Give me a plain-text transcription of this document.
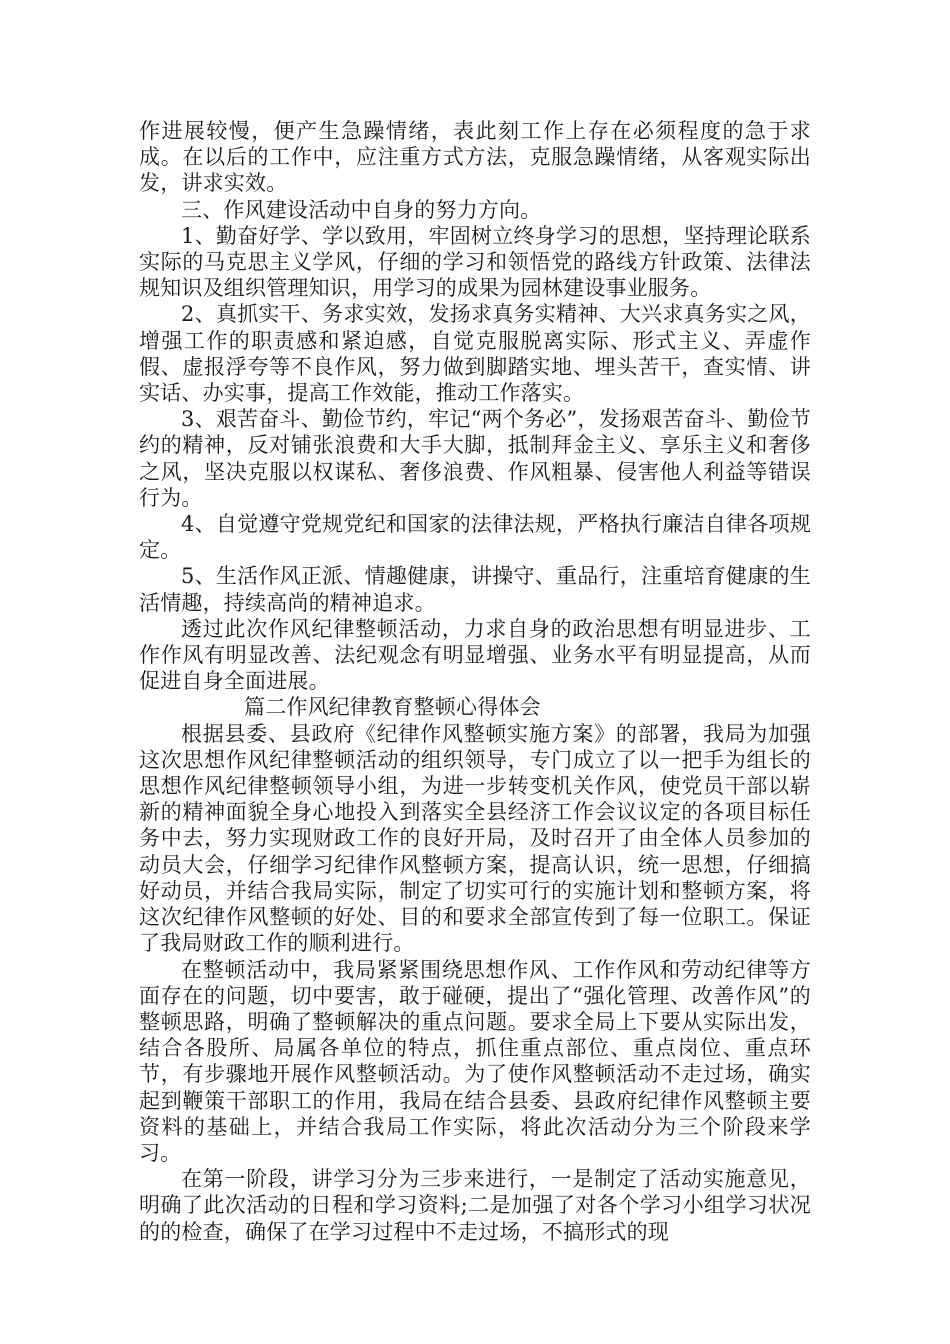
作进展较慢，便产生急躁情绪，表此刻工作上存在必须程度的急于求成。在以后的工作中，应注重方式方法，克服急躁情绪，从客观实际出发，讲求实效。

三、作风建设活动中自身的努力方向。

1、勤奋好学、学以致用，牢固树立终身学习的思想，坚持理论联系实际的马克思主义学风，仔细的学习和领悟党的路线方针政策、法律法规知识及组织管理知识，用学习的成果为园林建设事业服务。

2、真抓实干、务求实效，发扬求真务实精神、大兴求真务实之风，增强工作的职责感和紧迫感，自觉克服脱离实际、形式主义、弄虚作假、虚报浮夸等不良作风，努力做到脚踏实地、埋头苦干，查实情、讲实话、办实事，提高工作效能，推动工作落实。

3、艰苦奋斗、勤俭节约，牢记“两个务必”，发扬艰苦奋斗、勤俭节约的精神，反对铺张浪费和大手大脚，抵制拜金主义、享乐主义和奢侈之风，坚决克服以权谋私、奢侈浪费、作风粗暴、侵害他人利益等错误行为。

4、自觉遵守党规党纪和国家的法律法规，严格执行廉洁自律各项规定。

5、生活作风正派、情趣健康，讲操守、重品行，注重培育健康的生活情趣，持续高尚的精神追求。

透过此次作风纪律整顿活动，力求自身的政治思想有明显进步、工作作风有明显改善、法纪观念有明显增强、业务水平有明显提高，从而促进自身全面进展。

篇二作风纪律教育整顿心得体会

根据县委、县政府《纪律作风整顿实施方案》的部署，我局为加强这次思想作风纪律整顿活动的组织领导，专门成立了以一把手为组长的思想作风纪律整顿领导小组，为进一步转变机关作风，使党员干部以崭新的精神面貌全身心地投入到落实全县经济工作会议议定的各项目标任务中去，努力实现财政工作的良好开局，及时召开了由全体人员参加的动员大会，仔细学习纪律作风整顿方案，提高认识，统一思想，仔细搞好动员，并结合我局实际，制定了切实可行的实施计划和整顿方案，将这次纪律作风整顿的好处、目的和要求全部宣传到了每一位职工。保证了我局财政工作的顺利进行。

在整顿活动中，我局紧紧围绕思想作风、工作作风和劳动纪律等方面存在的问题，切中要害，敢于碰硬，提出了“强化管理、改善作风”的整顿思路，明确了整顿解决的重点问题。要求全局上下要从实际出发，结合各股所、局属各单位的特点，抓住重点部位、重点岗位、重点环节，有步骤地开展作风整顿活动。为了使作风整顿活动不走过场，确实起到鞭策干部职工的作用，我局在结合县委、县政府纪律作风整顿主要资料的基础上，并结合我局工作实际，将此次活动分为三个阶段来学习。

在第一阶段，讲学习分为三步来进行，一是制定了活动实施意见，明确了此次活动的日程和学习资料;二是加强了对各个学习小组学习状况的的检查，确保了在学习过程中不走过场，不搞形式的现
